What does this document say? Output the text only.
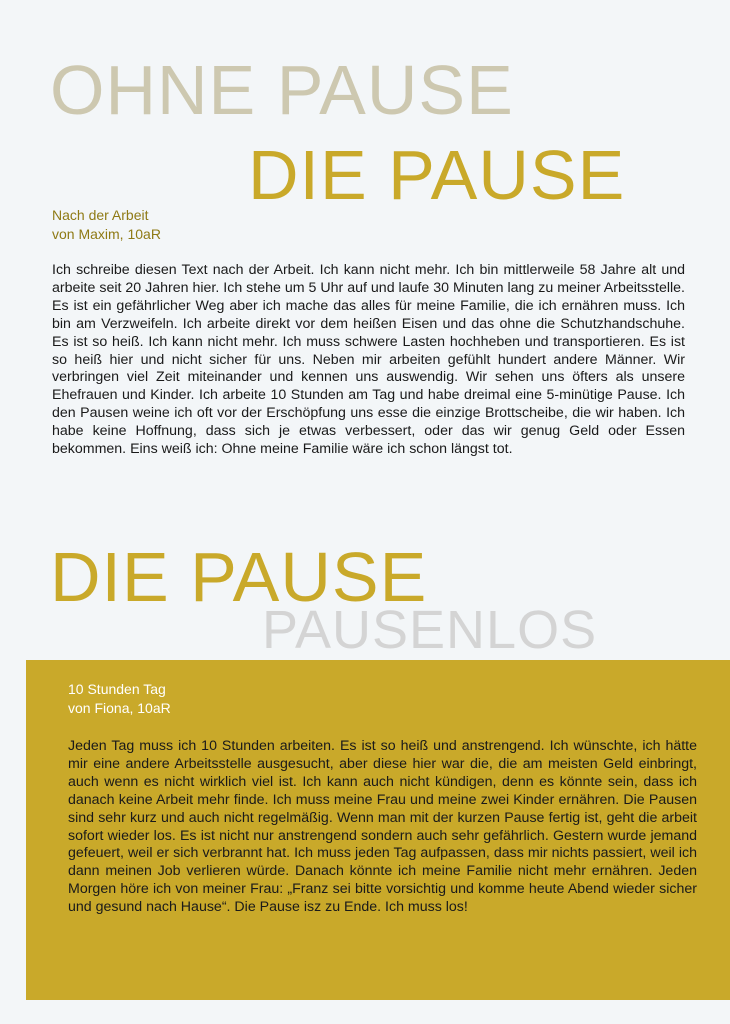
OHNE PAUSE
DIE PAUSE
Nach der Arbeit
von Maxim, 10aR

Ich schreibe diesen Text nach der Arbeit. Ich kann nicht mehr. Ich bin mittlerweile 58 Jahre alt und arbeite seit 20 Jahren hier. Ich stehe um 5 Uhr auf und laufe 30 Minuten lang zu meiner Arbeitsstelle. Es ist ein gefährlicher Weg aber ich mache das alles für meine Familie, die ich ernähren muss. Ich bin am Verzweifeln. Ich arbeite direkt vor dem heißen Eisen und das ohne die Schutzhandschuhe. Es ist so heiß. Ich kann nicht mehr. Ich muss schwere Lasten hochheben und transportieren. Es ist so heiß hier und nicht sicher für uns. Neben mir arbeiten gefühlt hundert andere Männer. Wir verbringen viel Zeit miteinander und kennen uns auswendig. Wir sehen uns öfters als unsere Ehefrauen und Kinder. Ich arbeite 10 Stunden am Tag und habe dreimal eine 5-minütige Pause. Ich den Pausen weine ich oft vor der Erschöpfung uns esse die einzige Brottscheibe, die wir haben. Ich habe keine Hoffnung, dass sich je etwas verbessert, oder das wir genug Geld oder Essen bekommen. Eins weiß ich: Ohne meine Familie wäre ich schon längst tot.

DIE PAUSE
PAUSENLOS
10 Stunden Tag
von Fiona, 10aR

Jeden Tag muss ich 10 Stunden arbeiten. Es ist so heiß und anstrengend. Ich wünschte, ich hätte mir eine andere Arbeitsstelle ausgesucht, aber diese hier war die, die am meisten Geld einbringt, auch wenn es nicht wirklich viel ist. Ich kann auch nicht kündigen, denn es könnte sein, dass ich danach keine Arbeit mehr finde. Ich muss meine Frau und meine zwei Kinder ernähren. Die Pausen sind sehr kurz und auch nicht regelmäßig. Wenn man mit der kurzen Pause fertig ist, geht die arbeit sofort wieder los. Es ist nicht nur anstrengend sondern auch sehr gefährlich. Gestern wurde jemand gefeuert, weil er sich verbrannt hat. Ich muss jeden Tag aufpassen, dass mir nichts passiert, weil ich dann meinen Job verlieren würde. Danach könnte ich meine Familie nicht mehr ernähren. Jeden Morgen höre ich von meiner Frau: „Franz sei bitte vorsichtig und komme heute Abend wieder sicher und gesund nach Hause“. Die Pause isz zu Ende. Ich muss los!
